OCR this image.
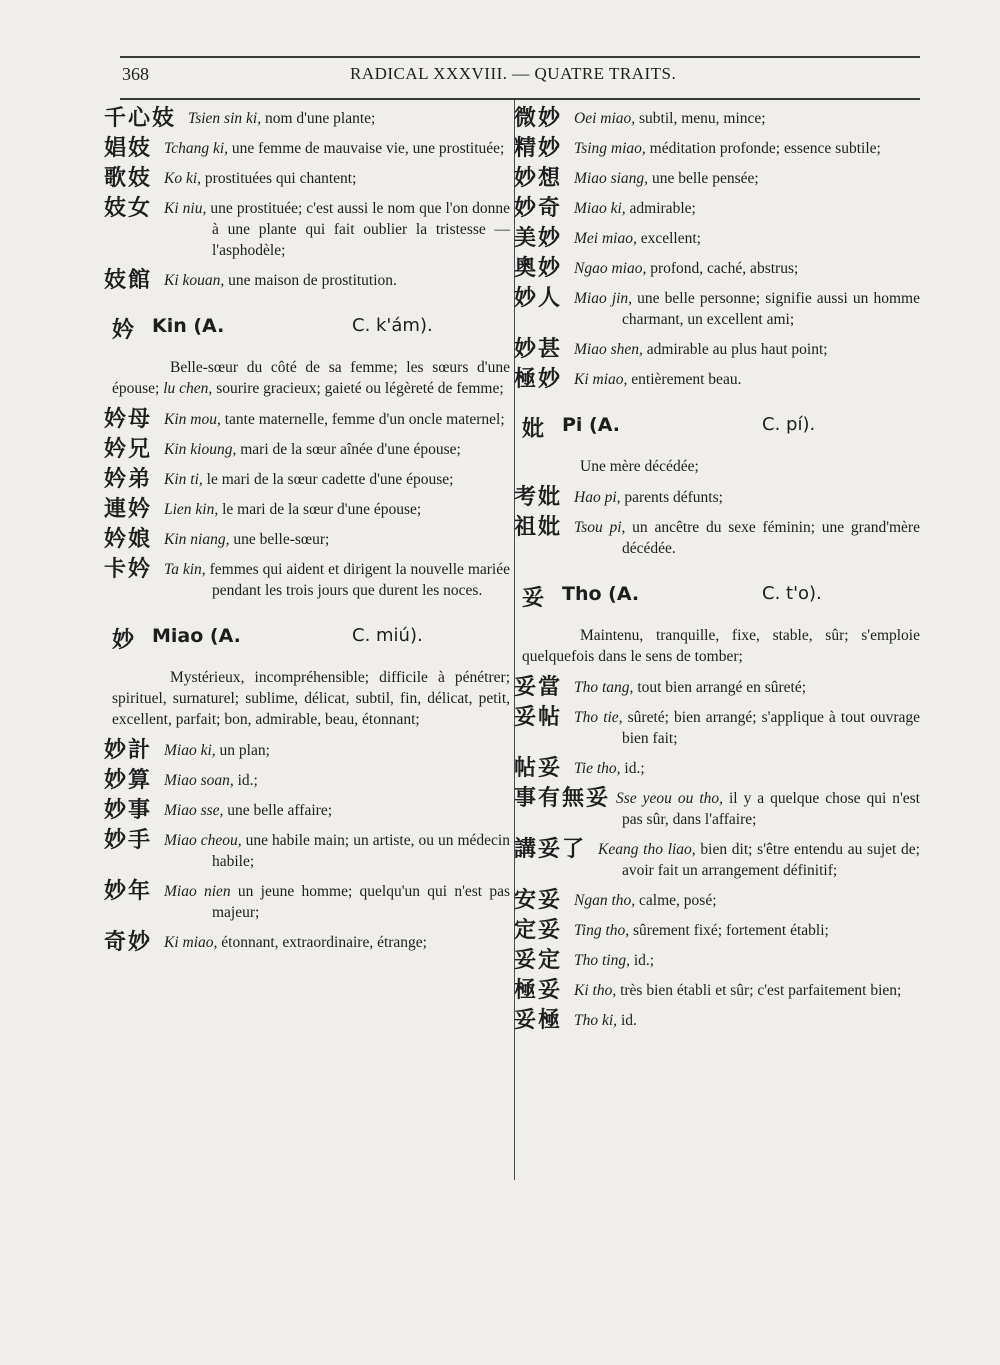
368	RADICAL XXXVIII. — QUATRE TRAITS.

千心妓 Tsien sin ki, nom d'une plante;

娼妓 Tchang ki, une femme de mauvaise vie, une prostituée;

歌妓 Ko ki, prostituées qui chantent;

妓女 Ki niu, une prostituée; c'est aussi le nom que l'on donne à une plante qui fait oublier la tristesse — l'asphodèle;

妓館 Ki kouan, une maison de prostitution.

妗 Kin (A.	C. k'ám).

Belle-sœur du côté de sa femme; les sœurs d'une épouse; lu chen, sourire gracieux; gaieté ou légèreté de femme;

妗母 Kin mou, tante maternelle, femme d'un oncle maternel;

妗兄 Kin kioung, mari de la sœur aînée d'une épouse;

妗弟 Kin ti, le mari de la sœur cadette d'une épouse;

連妗 Lien kin, le mari de la sœur d'une épouse;

妗娘 Kin niang, une belle-sœur;

卡妗 Ta kin, femmes qui aident et dirigent la nouvelle mariée pendant les trois jours que durent les noces.

妙 Miao (A.	C. miú).

Mystérieux, incompréhensible; difficile à pénétrer; spirituel, surnaturel; sublime, délicat, subtil, fin, délicat, petit, excellent, parfait; bon, admirable, beau, étonnant;

妙計 Miao ki, un plan;

妙算 Miao soan, id.;

妙事 Miao sse, une belle affaire;

妙手 Miao cheou, une habile main; un artiste, ou un médecin habile;

妙年 Miao nien un jeune homme; quelqu'un qui n'est pas majeur;

奇妙 Ki miao, étonnant, extraordinaire, étrange;

微妙 Oei miao, subtil, menu, mince;

精妙 Tsing miao, méditation profonde; essence subtile;

妙想 Miao siang, une belle pensée;

妙奇 Miao ki, admirable;

美妙 Mei miao, excellent;

奧妙 Ngao miao, profond, caché, abstrus;

妙人 Miao jin, une belle personne; signifie aussi un homme charmant, un excellent ami;

妙甚 Miao shen, admirable au plus haut point;

極妙 Ki miao, entièrement beau.

妣 Pi (A.	C. pí).

Une mère décédée;

考妣 Hao pi, parents défunts;

祖妣 Tsou pi, un ancêtre du sexe féminin; une grand'mère décédée.

妥 Tho (A.	C. t'o).

Maintenu, tranquille, fixe, stable, sûr; s'emploie quelquefois dans le sens de tomber;

妥當 Tho tang, tout bien arrangé en sûreté;

妥帖 Tho tie, sûreté; bien arrangé; s'applique à tout ouvrage bien fait;

帖妥 Tie tho, id.;

事有無妥 Sse yeou ou tho, il y a quelque chose qui n'est pas sûr, dans l'affaire;

講妥了 Keang tho liao, bien dit; s'être entendu au sujet de; avoir fait un arrangement définitif;

安妥 Ngan tho, calme, posé;

定妥 Ting tho, sûrement fixé; fortement établi;

妥定 Tho ting, id.;

極妥 Ki tho, très bien établi et sûr; c'est parfaitement bien;

妥極 Tho ki, id.
